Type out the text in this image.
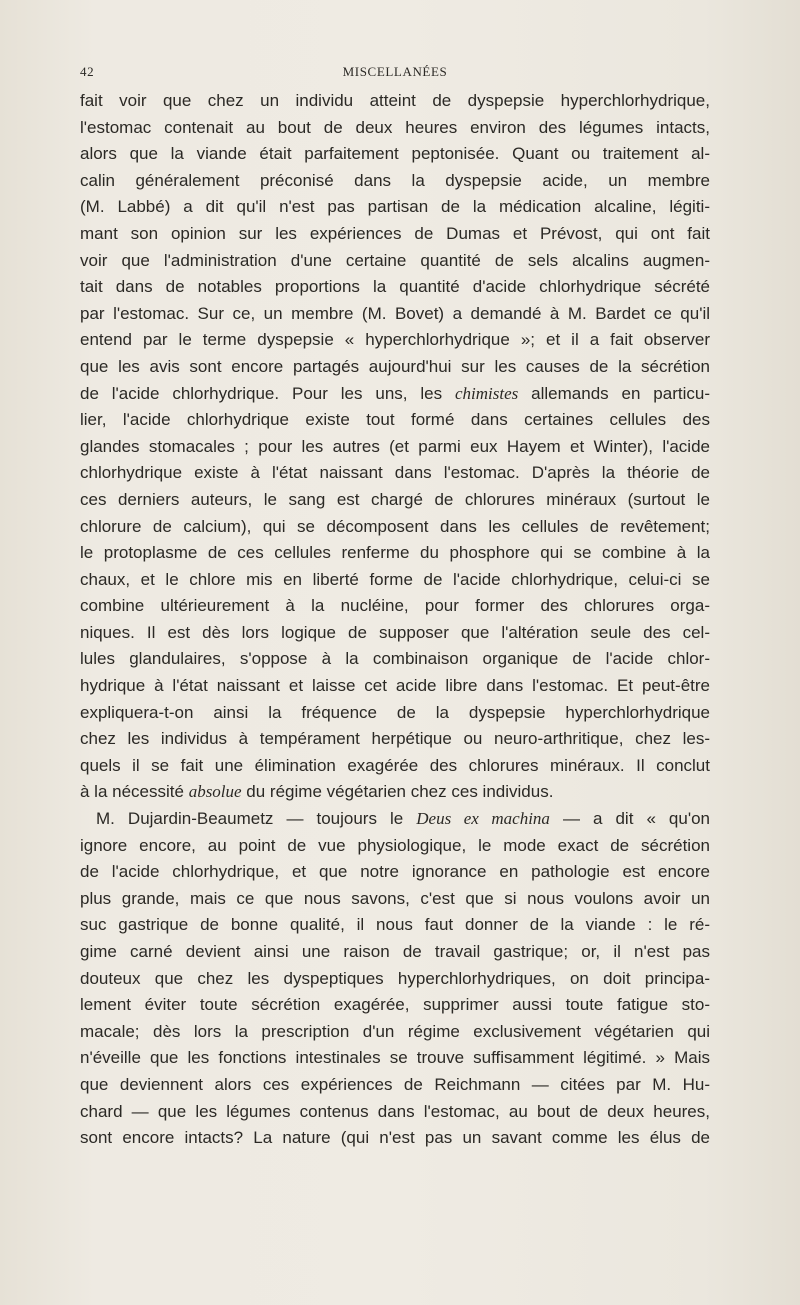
42	MISCELLANÉES
fait voir que chez un individu atteint de dyspepsie hyperchlorhydrique,
l'estomac contenait au bout de deux heures environ des légumes intacts,
alors que la viande était parfaitement peptonisée. Quant ou traitement al-
calin généralement préconisé dans la dyspepsie acide, un membre
(M. Labbé) a dit qu'il n'est pas partisan de la médication alcaline, légiti-
mant son opinion sur les expériences de Dumas et Prévost, qui ont fait
voir que l'administration d'une certaine quantité de sels alcalins augmen-
tait dans de notables proportions la quantité d'acide chlorhydrique sécrété
par l'estomac. Sur ce, un membre (M. Bovet) a demandé à M. Bardet ce qu'il
entend par le terme dyspepsie « hyperchlorhydrique »; et il a fait observer
que les avis sont encore partagés aujourd'hui sur les causes de la sécrétion
de l'acide chlorhydrique. Pour les uns, les chimistes allemands en particu-
lier, l'acide chlorhydrique existe tout formé dans certaines cellules des
glandes stomacales ; pour les autres (et parmi eux Hayem et Winter), l'acide
chlorhydrique existe à l'état naissant dans l'estomac. D'après la théorie de
ces derniers auteurs, le sang est chargé de chlorures minéraux (surtout le
chlorure de calcium), qui se décomposent dans les cellules de revêtement;
le protoplasme de ces cellules renferme du phosphore qui se combine à la
chaux, et le chlore mis en liberté forme de l'acide chlorhydrique, celui-ci se
combine ultérieurement à la nucléine, pour former des chlorures orga-
niques. Il est dès lors logique de supposer que l'altération seule des cel-
lules glandulaires, s'oppose à la combinaison organique de l'acide chlor-
hydrique à l'état naissant et laisse cet acide libre dans l'estomac. Et peut-être
expliquera-t-on ainsi la fréquence de la dyspepsie hyperchlorhydrique
chez les individus à tempérament herpétique ou neuro-arthritique, chez les-
quels il se fait une élimination exagérée des chlorures minéraux. Il conclut
à la nécessité absolue du régime végétarien chez ces individus.
M. Dujardin-Beaumetz — toujours le Deus ex machina — a dit « qu'on
ignore encore, au point de vue physiologique, le mode exact de sécrétion
de l'acide chlorhydrique, et que notre ignorance en pathologie est encore
plus grande, mais ce que nous savons, c'est que si nous voulons avoir un
suc gastrique de bonne qualité, il nous faut donner de la viande : le ré-
gime carné devient ainsi une raison de travail gastrique; or, il n'est pas
douteux que chez les dyspeptiques hyperchlorhydriques, on doit principa-
lement éviter toute sécrétion exagérée, supprimer aussi toute fatigue sto-
macale; dès lors la prescription d'un régime exclusivement végétarien qui
n'éveille que les fonctions intestinales se trouve suffisamment légitimé. » Mais
que deviennent alors ces expériences de Reichmann — citées par M. Hu-
chard — que les légumes contenus dans l'estomac, au bout de deux heures,
sont encore intacts? La nature (qui n'est pas un savant comme les élus de
